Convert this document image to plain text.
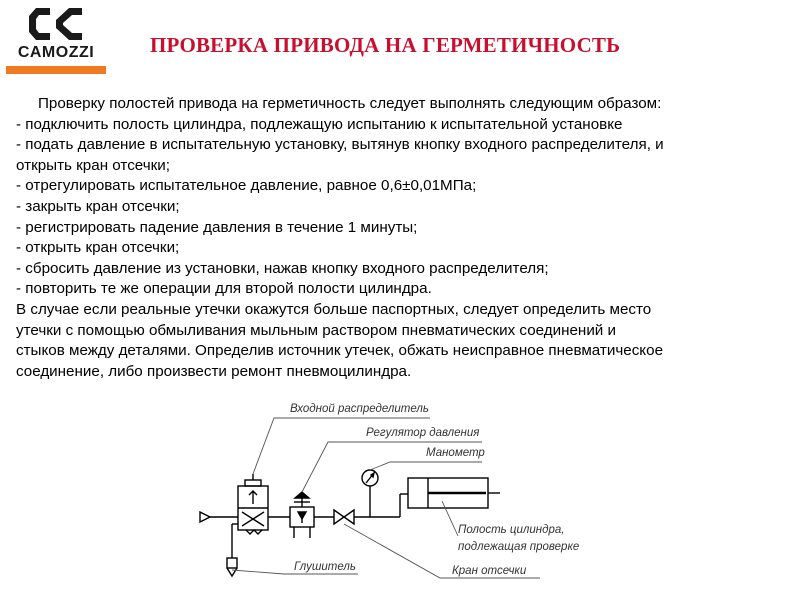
CAMOZZI	ПРОВЕРКА ПРИВОДА НА ГЕРМЕТИЧНОСТЬ
Проверку полостей привода на герметичность следует выполнять следующим образом:
- подключить полость цилиндра, подлежащую испытанию к испытательной установке
- подать давление в испытательную установку, вытянув кнопку входного распределителя, и
открыть кран отсечки;
- отрегулировать испытательное давление, равное 0,6±0,01МПа;
- закрыть кран отсечки;
- регистрировать падение давления в течение 1 минуты;
- открыть кран отсечки;
- сбросить давление из установки, нажав кнопку входного распределителя;
- повторить те же операции для второй полости цилиндра.
В случае если реальные утечки окажутся больше паспортных, следует определить место
утечки с помощью обмыливания мыльным раствором пневматических соединений и
стыков между деталями. Определив источник утечек, обжать неисправное пневматическое
соединение, либо произвести ремонт пневмоцилиндра.
Входной распределитель
Регулятор давления
Манометр
Полость цилиндра,
подлежащая проверке
Глушитель	Кран отсечки
